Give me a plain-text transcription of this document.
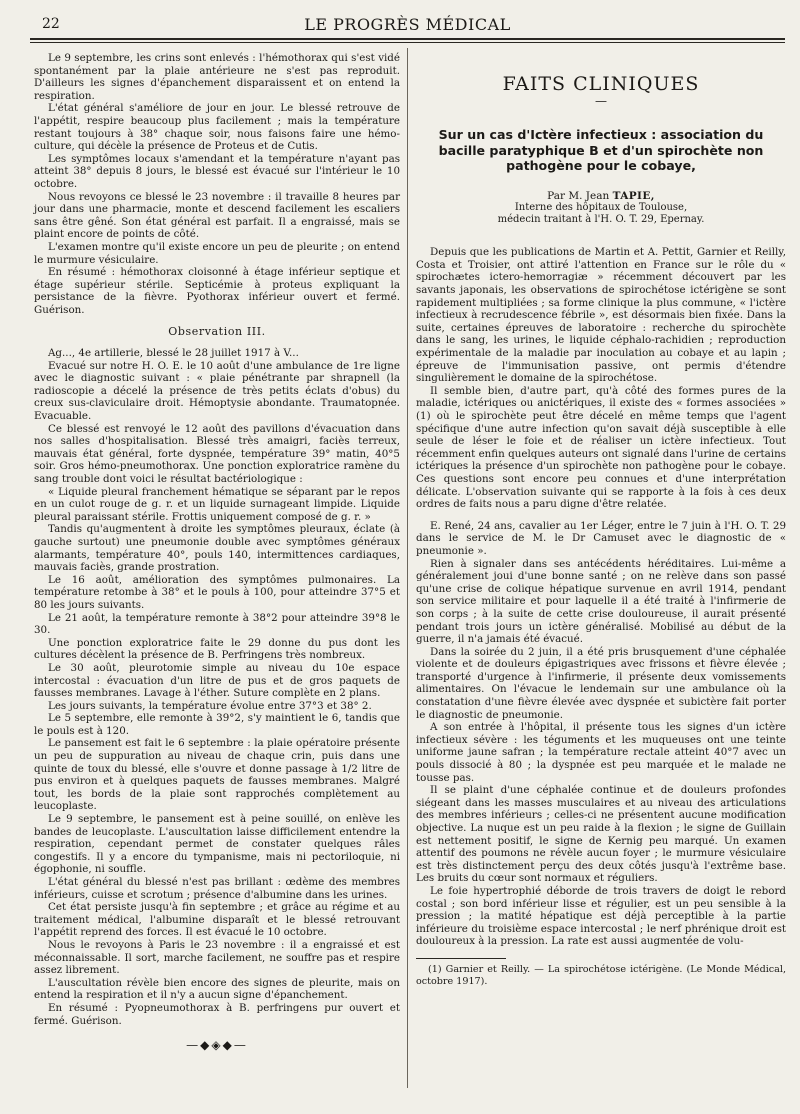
22	LE PROGRÈS MÉDICAL

Le 9 septembre, les crins sont enlevés : l'hémothorax qui s'est vidé spontanément par la plaie antérieure ne s'est pas reproduit. D'ailleurs les signes d'épanchement disparaissent et on entend la respiration.

L'état général s'améliore de jour en jour. Le blessé retrouve de l'appétit, respire beaucoup plus facilement ; mais la température restant toujours à 38° chaque soir, nous faisons faire une hémo-culture, qui décèle la présence de Proteus et de Cutis.

Les symptômes locaux s'amendant et la température n'ayant pas atteint 38° depuis 8 jours, le blessé est évacué sur l'intérieur le 10 octobre.

Nous revoyons ce blessé le 23 novembre : il travaille 8 heures par jour dans une pharmacie, monte et descend facilement les escaliers sans être gêné. Son état général est parfait. Il a engraissé, mais se plaint encore de points de côté.

L'examen montre qu'il existe encore un peu de pleurite ; on entend le murmure vésiculaire.

En résumé : hémothorax cloisonné à étage inférieur septique et étage supérieur stérile. Septicémie à proteus expliquant la persistance de la fièvre. Pyothorax inférieur ouvert et fermé. Guérison.

Observation III.

Ag..., 4e artillerie, blessé le 28 juillet 1917 à V...

Evacué sur notre H. O. E. le 10 août d'une ambulance de 1re ligne avec le diagnostic suivant : « plaie pénétrante par shrapnell (la radioscopie a décelé la présence de très petits éclats d'obus) du creux sus-claviculaire droit. Hémoptysie abondante. Traumatopnée. Evacuable.

Ce blessé est renvoyé le 12 août des pavillons d'évacuation dans nos salles d'hospitalisation. Blessé très amaigri, faciès terreux, mauvais état général, forte dyspnée, température 39° matin, 40°5 soir. Gros hémo-pneumothorax. Une ponction exploratrice ramène du sang trouble dont voici le résultat bactériologique :

« Liquide pleural franchement hématique se séparant par le repos en un culot rouge de g. r. et un liquide surnageant limpide. Liquide pleural paraissant stérile. Frottis uniquement composé de g. r. »

Tandis qu'augmentent à droite les symptômes pleuraux, éclate (à gauche surtout) une pneumonie double avec symptômes généraux alarmants, température 40°, pouls 140, intermittences cardiaques, mauvais faciès, grande prostration.

Le 16 août, amélioration des symptômes pulmonaires. La température retombe à 38° et le pouls à 100, pour atteindre 37°5 et 80 les jours suivants.

Le 21 août, la température remonte à 38°2 pour atteindre 39°8 le 30.

Une ponction exploratrice faite le 29 donne du pus dont les cultures décèlent la présence de B. Perfringens très nombreux.

Le 30 août, pleurotomie simple au niveau du 10e espace intercostal : évacuation d'un litre de pus et de gros paquets de fausses membranes. Lavage à l'éther. Suture complète en 2 plans.

Les jours suivants, la température évolue entre 37°3 et 38° 2.

Le 5 septembre, elle remonte à 39°2, s'y maintient le 6, tandis que le pouls est à 120.

Le pansement est fait le 6 septembre : la plaie opératoire présente un peu de suppuration au niveau de chaque crin, puis dans une quinte de toux du blessé, elle s'ouvre et donne passage à 1/2 litre de pus environ et à quelques paquets de fausses membranes. Malgré tout, les bords de la plaie sont rapprochés complètement au leucoplaste.

Le 9 septembre, le pansement est à peine souillé, on enlève les bandes de leucoplaste. L'auscultation laisse difficilement entendre la respiration, cependant permet de constater quelques râles congestifs. Il y a encore du tympanisme, mais ni pectoriloquie, ni égophonie, ni souffle.

L'état général du blessé n'est pas brillant : œdème des membres inférieurs, cuisse et scrotum ; présence d'albumine dans les urines.

Cet état persiste jusqu'à fin septembre ; et grâce au régime et au traitement médical, l'albumine disparaît et le blessé retrouvant l'appétit reprend des forces. Il est évacué le 10 octobre.

Nous le revoyons à Paris le 23 novembre : il a engraissé et est méconnaissable. Il sort, marche facilement, ne souffre pas et respire assez librement.

L'auscultation révèle bien encore des signes de pleurite, mais on entend la respiration et il n'y a aucun signe d'épanchement.

En résumé : Pyopneumothorax à B. perfringens pur ouvert et fermé. Guérison.

—◆◈◆—
FAITS CLINIQUES
—
Sur un cas d'Ictère infectieux : association du bacille paratyphique B et d'un spirochète non pathogène pour le cobaye,
Par M. Jean TAPIE,
Interne des hôpitaux de Toulouse,
médecin traitant à l'H. O. T. 29, Epernay.

Depuis que les publications de Martin et A. Pettit, Garnier et Reilly, Costa et Troisier, ont attiré l'attention en France sur le rôle du « spirochætes ictero-hemorragiæ » récemment découvert par les savants japonais, les observations de spirochétose ictérigène se sont rapidement multipliées ; sa forme clinique la plus commune, « l'ictère infectieux à recrudescence fébrile », est désormais bien fixée. Dans la suite, certaines épreuves de laboratoire : recherche du spirochète dans le sang, les urines, le liquide céphalo-rachidien ; reproduction expérimentale de la maladie par inoculation au cobaye et au lapin ; épreuve de l'immunisation passive, ont permis d'étendre singulièrement le domaine de la spirochétose.

Il semble bien, d'autre part, qu'à côté des formes pures de la maladie, ictériques ou anictériques, il existe des « formes associées » (1) où le spirochète peut être décelé en même temps que l'agent spécifique d'une autre infection qu'on savait déjà susceptible à elle seule de léser le foie et de réaliser un ictère infectieux. Tout récemment enfin quelques auteurs ont signalé dans l'urine de certains ictériques la présence d'un spirochète non pathogène pour le cobaye. Ces questions sont encore peu connues et d'une interprétation délicate. L'observation suivante qui se rapporte à la fois à ces deux ordres de faits nous a paru digne d'être relatée.

E. René, 24 ans, cavalier au 1er Léger, entre le 7 juin à l'H. O. T. 29 dans le service de M. le Dr Camuset avec le diagnostic de « pneumonie ».

Rien à signaler dans ses antécédents héréditaires. Lui-même a généralement joui d'une bonne santé ; on ne relève dans son passé qu'une crise de colique hépatique survenue en avril 1914, pendant son service militaire et pour laquelle il a été traité à l'infirmerie de son corps ; à la suite de cette crise douloureuse, il aurait présenté pendant trois jours un ictère généralisé. Mobilisé au début de la guerre, il n'a jamais été évacué.

Dans la soirée du 2 juin, il a été pris brusquement d'une céphalée violente et de douleurs épigastriques avec frissons et fièvre élevée ; transporté d'urgence à l'infirmerie, il présente deux vomissements alimentaires. On l'évacue le lendemain sur une ambulance où la constatation d'une fièvre élevée avec dyspnée et subictère fait porter le diagnostic de pneumonie.

A son entrée à l'hôpital, il présente tous les signes d'un ictère infectieux sévère : les téguments et les muqueuses ont une teinte uniforme jaune safran ; la température rectale atteint 40°7 avec un pouls dissocié à 80 ; la dyspnée est peu marquée et le malade ne tousse pas.

Il se plaint d'une céphalée continue et de douleurs profondes siégeant dans les masses musculaires et au niveau des articulations des membres inférieurs ; celles-ci ne présentent aucune modification objective. La nuque est un peu raide à la flexion ; le signe de Guillain est nettement positif, le signe de Kernig peu marqué. Un examen attentif des poumons ne révèle aucun foyer ; le murmure vésiculaire est très distinctement perçu des deux côtés jusqu'à l'extrême base. Les bruits du cœur sont normaux et réguliers.

Le foie hypertrophié déborde de trois travers de doigt le rebord costal ; son bord inférieur lisse et régulier, est un peu sensible à la pression ; la matité hépatique est déjà perceptible à la partie inférieure du troisième espace intercostal ; le nerf phrénique droit est douloureux à la pression. La rate est aussi augmentée de volu-

(1) Garnier et Reilly. — La spirochétose ictérigène. (Le Monde Médical, octobre 1917).
